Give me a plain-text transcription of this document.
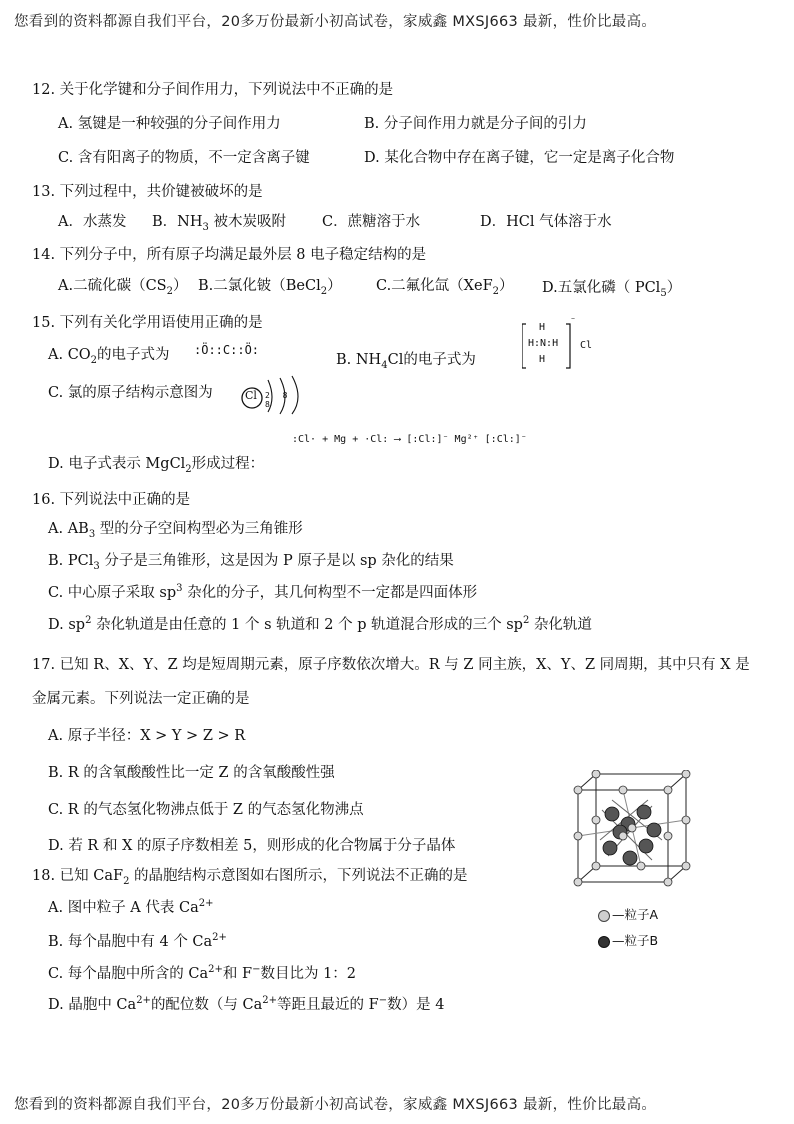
您看到的资料都源自我们平台，20多万份最新小初高试卷，家威鑫 MXSJ663 最新，性价比最高。
12. 关于化学键和分子间作用力，下列说法中不正确的是
A. 氢键是一种较强的分子间作用力	B. 分子间作用力就是分子间的引力
C. 含有阳离子的物质，不一定含离子键	D. 某化合物中存在离子键，它一定是离子化合物
13. 下列过程中，共价键被破坏的是
A．水蒸发 B．$NH_3$ 被木炭吸附 C．蔗糖溶于水	D．HCl 气体溶于水
14. 下列分子中，所有原子均满足最外层 8 电子稳定结构的是
A.二硫化碳$(CS_2)$ B.二氯化铍（BeCl$_2$） C.二氟化氙（XeF$_2$） D.五氯化磷（ PCl$_5$）
15. 下列有关化学用语使用正确的是
A. $CO_2$的电子式为 :Ö::C::Ö:
B. $NH_4Cl$的电子式为
H
H:N:H
H
⁻
Cl
C. 氯的原子结构示意图为	Cl 2 8 8
:Cl· + Mg + ·Cl: ⟶ [:Cl:]⁻ Mg²⁺ [:Cl:]⁻
D. 电子式表示 MgCl$_2$形成过程：
16. 下列说法中正确的是
A. $AB_3$ 型的分子空间构型必为三角锥形
B. PCl$_3$ 分子是三角锥形，这是因为 P 原子是以 sp 杂化的结果
C. 中心原子采取 $sp^3$ 杂化的分子，其几何构型不一定都是四面体形
D. $sp^2$ 杂化轨道是由任意的 1 个 s 轨道和 2 个 p 轨道混合形成的三个 $sp^2$ 杂化轨道
17. 已知 R、X、Y、Z 均是短周期元素，原子序数依次增大。R 与 Z 同主族，X、Y、Z 同周期，其中只有 X 是
金属元素。下列说法一定正确的是
A. 原子半径：X > Y > Z > R
B. R 的含氧酸酸性比一定 Z 的含氧酸酸性强
C. R 的气态氢化物沸点低于 Z 的气态氢化物沸点
D. 若 R 和 X 的原子序数相差 5，则形成的化合物属于分子晶体
18. 已知 CaF$_2$ 的晶胞结构示意图如右图所示，下列说法不正确的是
A. 图中粒子 A 代表 $Ca^{2+}$
B. 每个晶胞中有 4 个 $Ca^{2+}$
C. 每个晶胞中所含的 $Ca^{2+}$和 F−数目比为 1：2
D. 晶胞中 $Ca^{2+}$的配位数（与 $Ca^{2+}$等距且最近的 F−数）是 4
—粒子A
—粒子B
您看到的资料都源自我们平台，20多万份最新小初高试卷，家威鑫 MXSJ663 最新，性价比最高。
